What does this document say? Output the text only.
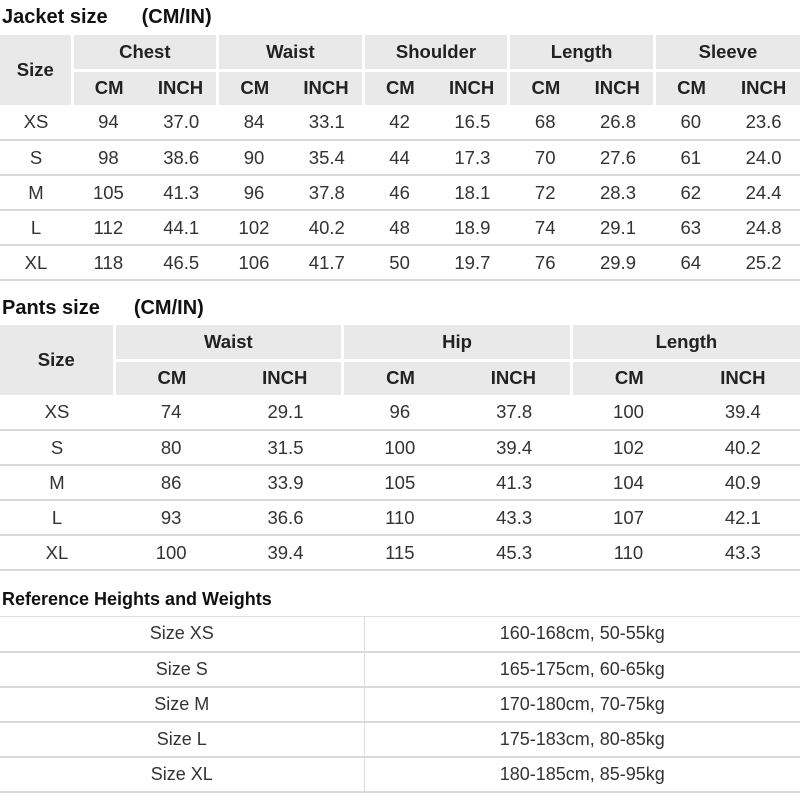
Jacket size (CM/IN)
Size	Chest		Waist		Shoulder		Length		Sleeve	
	CM	INCH	CM	INCH	CM	INCH	CM	INCH	CM	INCH
XS	94	37.0	84	33.1	42	16.5	68	26.8	60	23.6
S	98	38.6	90	35.4	44	17.3	70	27.6	61	24.0
M	105	41.3	96	37.8	46	18.1	72	28.3	62	24.4
L	112	44.1	102	40.2	48	18.9	74	29.1	63	24.8
XL	118	46.5	106	41.7	50	19.7	76	29.9	64	25.2
Pants size (CM/IN)
Size	Waist		Hip		Length	
	CM	INCH	CM	INCH	CM	INCH
XS	74	29.1	96	37.8	100	39.4
S	80	31.5	100	39.4	102	40.2
M	86	33.9	105	41.3	104	40.9
L	93	36.6	110	43.3	107	42.1
XL	100	39.4	115	45.3	110	43.3
Reference Heights and Weights
Size XS	160-168cm, 50-55kg
Size S	165-175cm, 60-65kg
Size M	170-180cm, 70-75kg
Size L	175-183cm, 80-85kg
Size XL	180-185cm, 85-95kg
